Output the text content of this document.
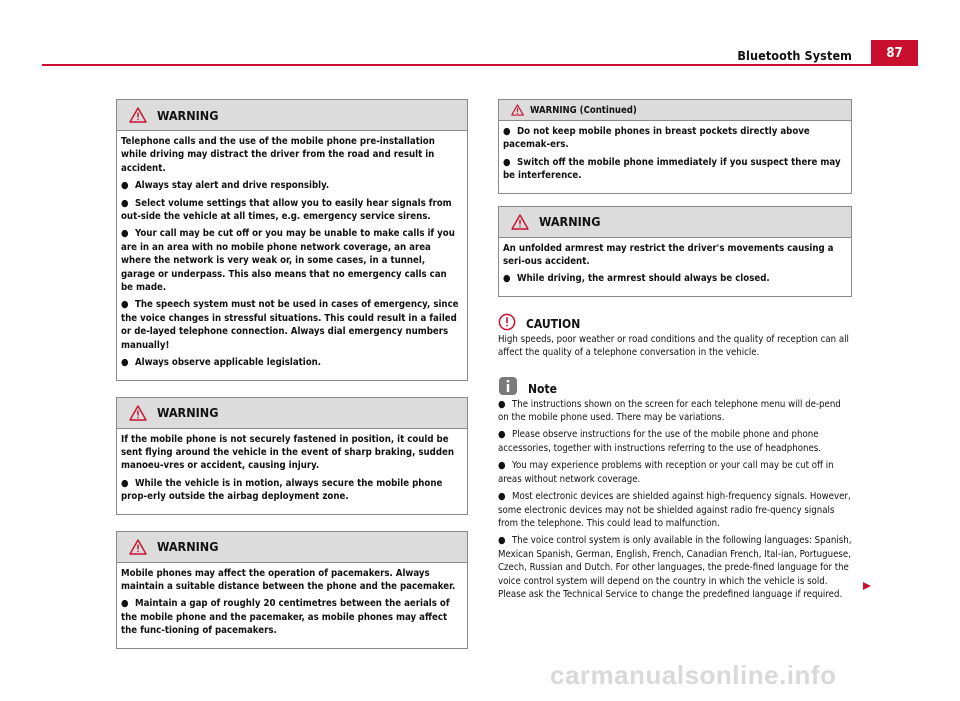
Bluetooth System	87
WARNING

Telephone calls and the use of the mobile phone pre-installation while driving may distract the driver from the road and result in accident.

● Always stay alert and drive responsibly.

● Select volume settings that allow you to easily hear signals from out-side the vehicle at all times, e.g. emergency service sirens.

● Your call may be cut off or you may be unable to make calls if you are in an area with no mobile phone network coverage, an area where the network is very weak or, in some cases, in a tunnel, garage or underpass. This also means that no emergency calls can be made.

● The speech system must not be used in cases of emergency, since the voice changes in stressful situations. This could result in a failed or de-layed telephone connection. Always dial emergency numbers manually!

● Always observe applicable legislation.

WARNING

If the mobile phone is not securely fastened in position, it could be sent flying around the vehicle in the event of sharp braking, sudden manoeu-vres or accident, causing injury.

● While the vehicle is in motion, always secure the mobile phone prop-erly outside the airbag deployment zone.

WARNING

Mobile phones may affect the operation of pacemakers. Always maintain a suitable distance between the phone and the pacemaker.

● Maintain a gap of roughly 20 centimetres between the aerials of the mobile phone and the pacemaker, as mobile phones may affect the func-tioning of pacemakers.

WARNING (Continued)

● Do not keep mobile phones in breast pockets directly above pacemak-ers.

● Switch off the mobile phone immediately if you suspect there may be interference.

WARNING

An unfolded armrest may restrict the driver's movements causing a seri-ous accident.

● While driving, the armrest should always be closed.

CAUTION

High speeds, poor weather or road conditions and the quality of reception can all affect the quality of a telephone conversation in the vehicle.

Note

● The instructions shown on the screen for each telephone menu will de-pend on the mobile phone used. There may be variations.

● Please observe instructions for the use of the mobile phone and phone accessories, together with instructions referring to the use of headphones.

● You may experience problems with reception or your call may be cut off in areas without network coverage.

● Most electronic devices are shielded against high-frequency signals. However, some electronic devices may not be shielded against radio fre-quency signals from the telephone. This could lead to malfunction.

● The voice control system is only available in the following languages: Spanish, Mexican Spanish, German, English, French, Canadian French, Ital-ian, Portuguese, Czech, Russian and Dutch. For other languages, the prede-fined language for the voice control system will depend on the country in which the vehicle is sold. Please ask the Technical Service to change the predefined language if required.

carmanualsonline.info
